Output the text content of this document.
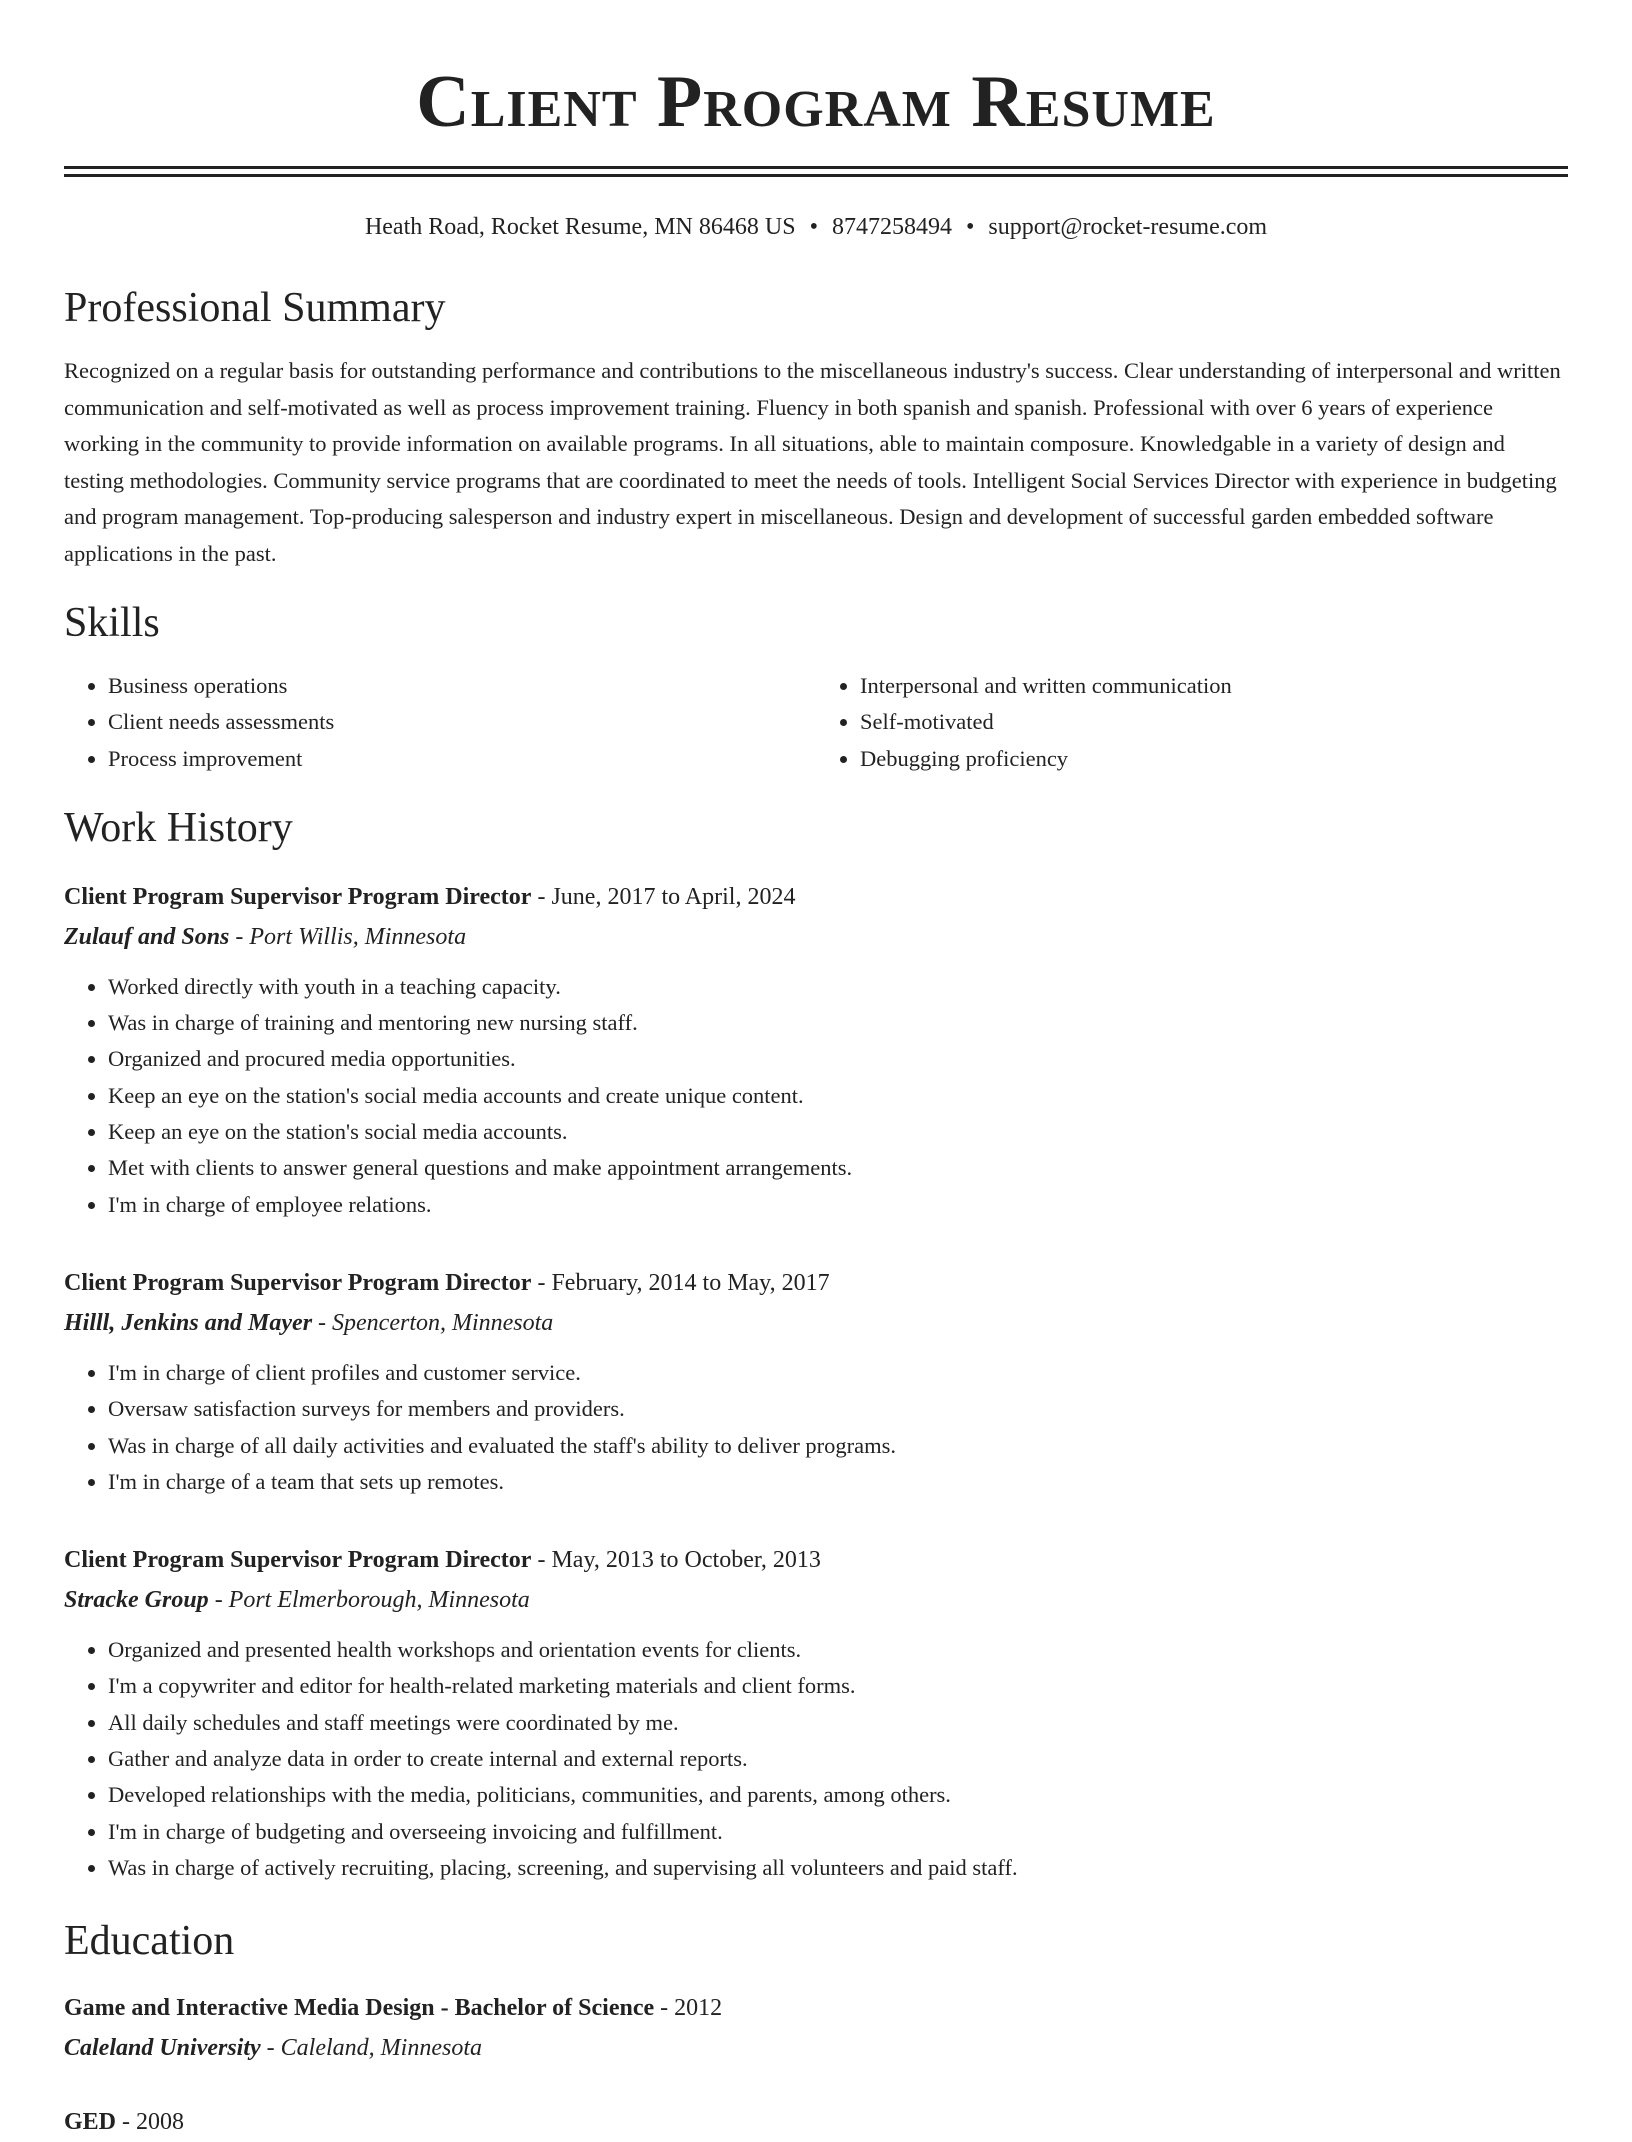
Client Program Resume
Heath Road, Rocket Resume, MN 86468 US • 8747258494 • support@rocket-resume.com
Professional Summary

Recognized on a regular basis for outstanding performance and contributions to the miscellaneous industry's success. Clear understanding of interpersonal and written communication and self-motivated as well as process improvement training. Fluency in both spanish and spanish. Professional with over 6 years of experience working in the community to provide information on available programs. In all situations, able to maintain composure. Knowledgable in a variety of design and testing methodologies. Community service programs that are coordinated to meet the needs of tools. Intelligent Social Services Director with experience in budgeting and program management. Top-producing salesperson and industry expert in miscellaneous. Design and development of successful garden embedded software applications in the past.

Skills
• Business operations
• Client needs assessments
• Process improvement
• Interpersonal and written communication
• Self-motivated
• Debugging proficiency
Work History
Client Program Supervisor Program Director - June, 2017 to April, 2024
Zulauf and Sons - Port Willis, Minnesota
• Worked directly with youth in a teaching capacity.
• Was in charge of training and mentoring new nursing staff.
• Organized and procured media opportunities.
• Keep an eye on the station's social media accounts and create unique content.
• Keep an eye on the station's social media accounts.
• Met with clients to answer general questions and make appointment arrangements.
• I'm in charge of employee relations.
Client Program Supervisor Program Director - February, 2014 to May, 2017
Hilll, Jenkins and Mayer - Spencerton, Minnesota
• I'm in charge of client profiles and customer service.
• Oversaw satisfaction surveys for members and providers.
• Was in charge of all daily activities and evaluated the staff's ability to deliver programs.
• I'm in charge of a team that sets up remotes.
Client Program Supervisor Program Director - May, 2013 to October, 2013
Stracke Group - Port Elmerborough, Minnesota
• Organized and presented health workshops and orientation events for clients.
• I'm a copywriter and editor for health-related marketing materials and client forms.
• All daily schedules and staff meetings were coordinated by me.
• Gather and analyze data in order to create internal and external reports.
• Developed relationships with the media, politicians, communities, and parents, among others.
• I'm in charge of budgeting and overseeing invoicing and fulfillment.
• Was in charge of actively recruiting, placing, screening, and supervising all volunteers and paid staff.
Education
Game and Interactive Media Design - Bachelor of Science - 2012
Caleland University - Caleland, Minnesota
GED - 2008
